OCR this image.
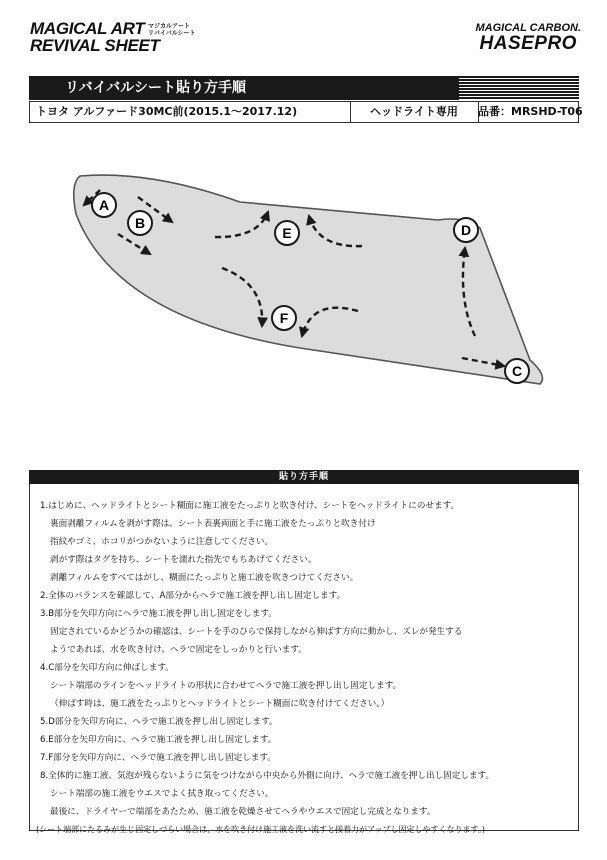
MAGICAL ART
REVIVAL SHEET
マジカルアート
リバイバルシート	MAGICAL CARBON.
HASEPRO
リバイバルシート貼り方手順
トヨタ アルファード30MC前(2015.1〜2017.12)	ヘッドライト専用	品番：MRSHD-T06
A
B
C
D
E
F
貼り方手順
1.はじめに、ヘッドライトとシート糊面に施工液をたっぷりと吹き付け、シートをヘッドライトにのせます。
裏面剥離フィルムを剥がす際は、シート表裏両面と手に施工液をたっぷりと吹き付け
指紋やゴミ、ホコリがつかないように注意してください。
剥がす際はタグを持ち、シートを濡れた指先でもちあげてください。
剥離フィルムをすべてはがし、糊面にたっぷりと施工液を吹きつけてください。
2.全体のバランスを確認して、A部分からヘラで施工液を押し出し固定します。
3.B部分を矢印方向にヘラで施工液を押し出し固定をします。
固定されているかどうかの確認は、シートを手のひらで保持しながら伸ばす方向に動かし、ズレが発生する
ようであれば、水を吹き付け、ヘラで固定をしっかりと行います。
4.C部分を矢印方向に伸ばします。
シート端部のラインをヘッドライトの形状に合わせてヘラで施工液を押し出し固定します。
（伸ばす時は、施工液をたっぷりとヘッドライトとシート糊面に吹き付けてください。）
5.D部分を矢印方向に、ヘラで施工液を押し出し固定します。
6.E部分を矢印方向に、ヘラで施工液を押し出し固定します。
7.F部分を矢印方向に、ヘラで施工液を押し出し固定します。
8.全体的に施工液、気泡が残らないように気をつけながら中央から外側に向け、ヘラで施工液を押し出し固定します。
シート端部の施工液をウエスでよく拭き取ってください。
最後に、ドライヤーで端部をあたため、施工液を乾燥させてヘラやウエスで固定し完成となります。
(シート端部にたるみが生じ固定しづらい場合は、水を吹き付け施工液を洗い流すと接着力がアップし固定しやすくなります。)
